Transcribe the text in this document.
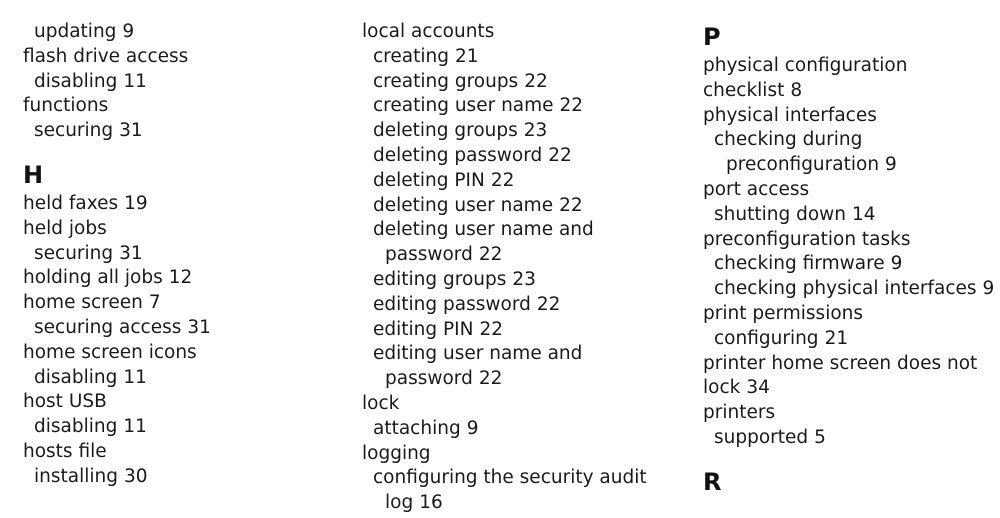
updating 9
flash drive access
disabling 11
functions
securing 31
H
held faxes 19
held jobs
securing 31
holding all jobs 12
home screen 7
securing access 31
home screen icons
disabling 11
host USB
disabling 11
hosts file
installing 30
local accounts
creating 21
creating groups 22
creating user name 22
deleting groups 23
deleting password 22
deleting PIN 22
deleting user name 22
deleting user name and
password 22
editing groups 23
editing password 22
editing PIN 22
editing user name and
password 22
lock
attaching 9
logging
configuring the security audit
log 16
P
physical configuration
checklist 8
physical interfaces
checking during
preconfiguration 9
port access
shutting down 14
preconfiguration tasks
checking firmware 9
checking physical interfaces 9
print permissions
configuring 21
printer home screen does not
lock 34
printers
supported 5
R
